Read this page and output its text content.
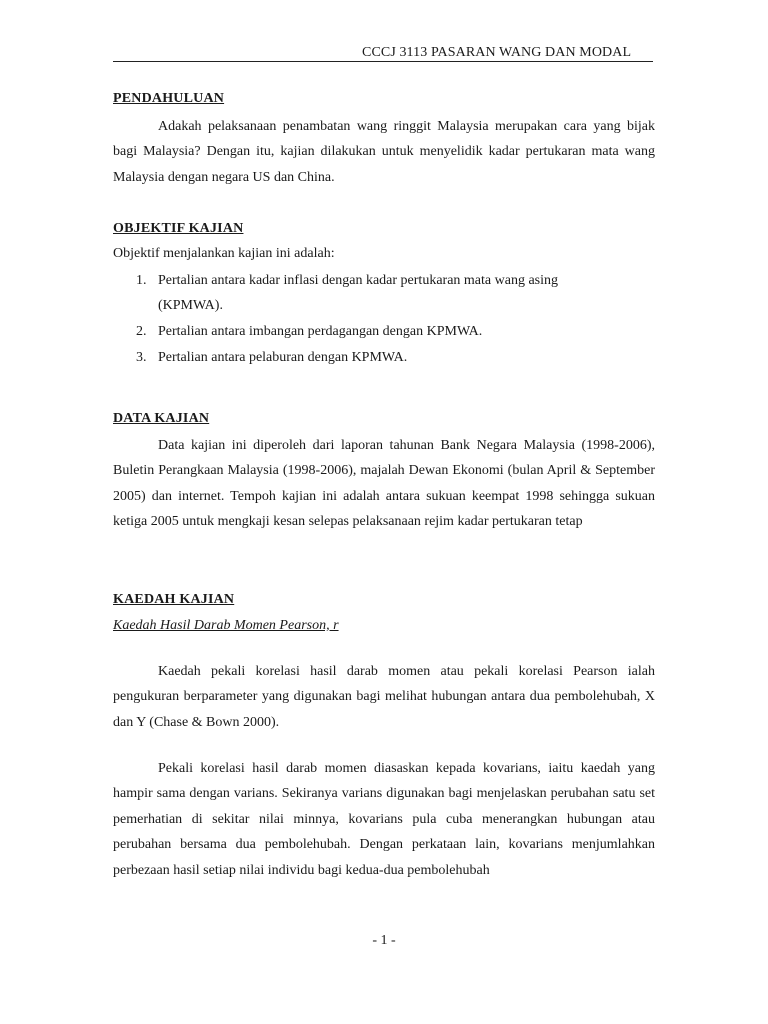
CCCJ 3113 PASARAN WANG DAN MODAL
PENDAHULUAN

Adakah pelaksanaan penambatan wang ringgit Malaysia merupakan cara yang bijak bagi Malaysia? Dengan itu, kajian dilakukan untuk menyelidik kadar pertukaran mata wang Malaysia dengan negara US dan China.

OBJEKTIF KAJIAN
Objektif menjalankan kajian ini adalah:
1. Pertalian antara kadar inflasi dengan kadar pertukaran mata wang asing
(KPMWA).
2. Pertalian antara imbangan perdagangan dengan KPMWA.
3. Pertalian antara pelaburan dengan KPMWA.
DATA KAJIAN

Data kajian ini diperoleh dari laporan tahunan Bank Negara Malaysia (1998-2006), Buletin Perangkaan Malaysia (1998-2006), majalah Dewan Ekonomi (bulan April & September 2005) dan internet. Tempoh kajian ini adalah antara sukuan keempat 1998 sehingga sukuan ketiga 2005 untuk mengkaji kesan selepas pelaksanaan rejim kadar pertukaran tetap

KAEDAH KAJIAN
Kaedah Hasil Darab Momen Pearson, r

Kaedah pekali korelasi hasil darab momen atau pekali korelasi Pearson ialah pengukuran berparameter yang digunakan bagi melihat hubungan antara dua pembolehubah, X dan Y (Chase & Bown 2000).

Pekali korelasi hasil darab momen diasaskan kepada kovarians, iaitu kaedah yang hampir sama dengan varians. Sekiranya varians digunakan bagi menjelaskan perubahan satu set pemerhatian di sekitar nilai minnya, kovarians pula cuba menerangkan hubungan atau perubahan bersama dua pembolehubah. Dengan perkataan lain, kovarians menjumlahkan perbezaan hasil setiap nilai individu bagi kedua-dua pembolehubah

- 1 -
